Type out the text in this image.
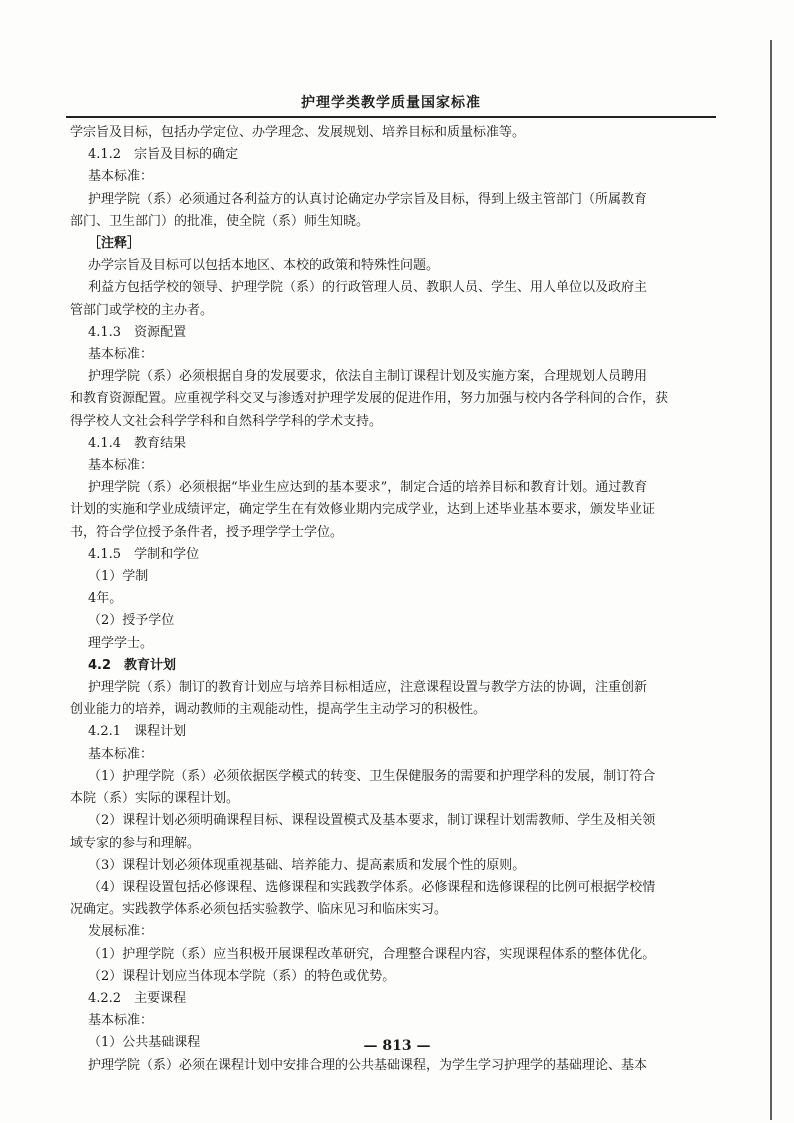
护理学类教学质量国家标准

学宗旨及目标，包括办学定位、办学理念、发展规划、培养目标和质量标准等。

4.1.2　宗旨及目标的确定

基本标准：

护理学院（系）必须通过各利益方的认真讨论确定办学宗旨及目标，得到上级主管部门（所属教育

部门、卫生部门）的批准，使全院（系）师生知晓。

［注释］

办学宗旨及目标可以包括本地区、本校的政策和特殊性问题。

利益方包括学校的领导、护理学院（系）的行政管理人员、教职人员、学生、用人单位以及政府主

管部门或学校的主办者。

4.1.3　资源配置

基本标准：

护理学院（系）必须根据自身的发展要求，依法自主制订课程计划及实施方案，合理规划人员聘用

和教育资源配置。应重视学科交叉与渗透对护理学发展的促进作用，努力加强与校内各学科间的合作，获

得学校人文社会科学学科和自然科学学科的学术支持。

4.1.4　教育结果

基本标准：

护理学院（系）必须根据“毕业生应达到的基本要求”，制定合适的培养目标和教育计划。通过教育

计划的实施和学业成绩评定，确定学生在有效修业期内完成学业，达到上述毕业基本要求，颁发毕业证

书，符合学位授予条件者，授予理学学士学位。

4.1.5　学制和学位

（1）学制

4年。

（2）授予学位

理学学士。

4.2　教育计划

护理学院（系）制订的教育计划应与培养目标相适应，注意课程设置与教学方法的协调，注重创新

创业能力的培养，调动教师的主观能动性，提高学生主动学习的积极性。

4.2.1　课程计划

基本标准：

（1）护理学院（系）必须依据医学模式的转变、卫生保健服务的需要和护理学科的发展，制订符合

本院（系）实际的课程计划。

（2）课程计划必须明确课程目标、课程设置模式及基本要求，制订课程计划需教师、学生及相关领

域专家的参与和理解。

（3）课程计划必须体现重视基础、培养能力、提高素质和发展个性的原则。

（4）课程设置包括必修课程、选修课程和实践教学体系。必修课程和选修课程的比例可根据学校情

况确定。实践教学体系必须包括实验教学、临床见习和临床实习。

发展标准：

（1）护理学院（系）应当积极开展课程改革研究，合理整合课程内容，实现课程体系的整体优化。

（2）课程计划应当体现本学院（系）的特色或优势。

4.2.2　主要课程

基本标准：

（1）公共基础课程

护理学院（系）必须在课程计划中安排合理的公共基础课程，为学生学习护理学的基础理论、基本

— 813 —
